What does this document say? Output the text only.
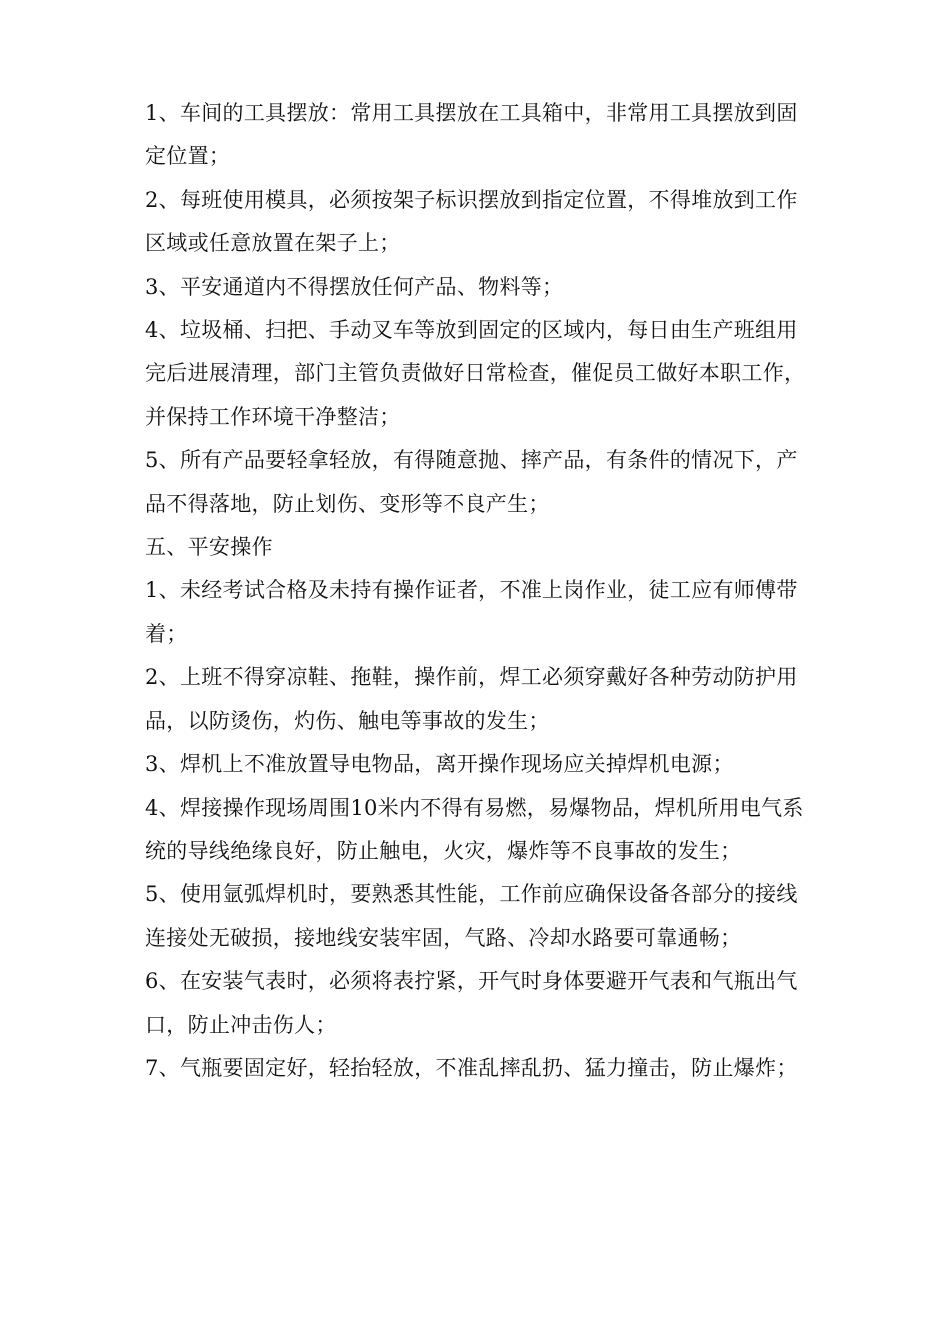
1、车间的工具摆放：常用工具摆放在工具箱中，非常用工具摆放到固定位置；

2、每班使用模具，必须按架子标识摆放到指定位置，不得堆放到工作区域或任意放置在架子上；

3、平安通道内不得摆放任何产品、物料等；

4、垃圾桶、扫把、手动叉车等放到固定的区域内，每日由生产班组用完后进展清理，部门主管负责做好日常检查，催促员工做好本职工作，并保持工作环境干净整洁；

5、所有产品要轻拿轻放，有得随意抛、摔产品，有条件的情况下，产品不得落地，防止划伤、变形等不良产生；

五、平安操作

1、未经考试合格及未持有操作证者，不准上岗作业，徒工应有师傅带着；

2、上班不得穿凉鞋、拖鞋，操作前，焊工必须穿戴好各种劳动防护用品，以防烫伤，灼伤、触电等事故的发生；

3、焊机上不准放置导电物品，离开操作现场应关掉焊机电源；

4、焊接操作现场周围10米内不得有易燃，易爆物品，焊机所用电气系统的导线绝缘良好，防止触电，火灾，爆炸等不良事故的发生；

5、使用氩弧焊机时，要熟悉其性能，工作前应确保设备各部分的接线连接处无破损，接地线安装牢固，气路、冷却水路要可靠通畅；

6、在安装气表时，必须将表拧紧，开气时身体要避开气表和气瓶出气口，防止冲击伤人；

7、气瓶要固定好，轻抬轻放，不准乱摔乱扔、猛力撞击，防止爆炸；
